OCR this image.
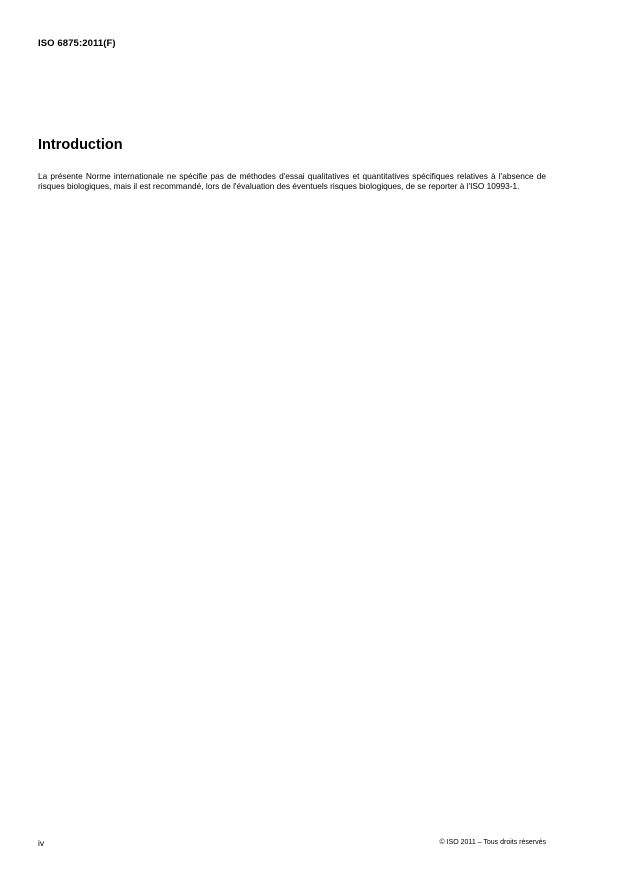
ISO 6875:2011(F)
Introduction

La présente Norme internationale ne spécifie pas de méthodes d'essai qualitatives et quantitatives spécifiques relatives à l'absence de risques biologiques, mais il est recommandé, lors de l'évaluation des éventuels risques biologiques, de se reporter à l'ISO 10993-1.

iv	© ISO 2011 – Tous droits réservés
